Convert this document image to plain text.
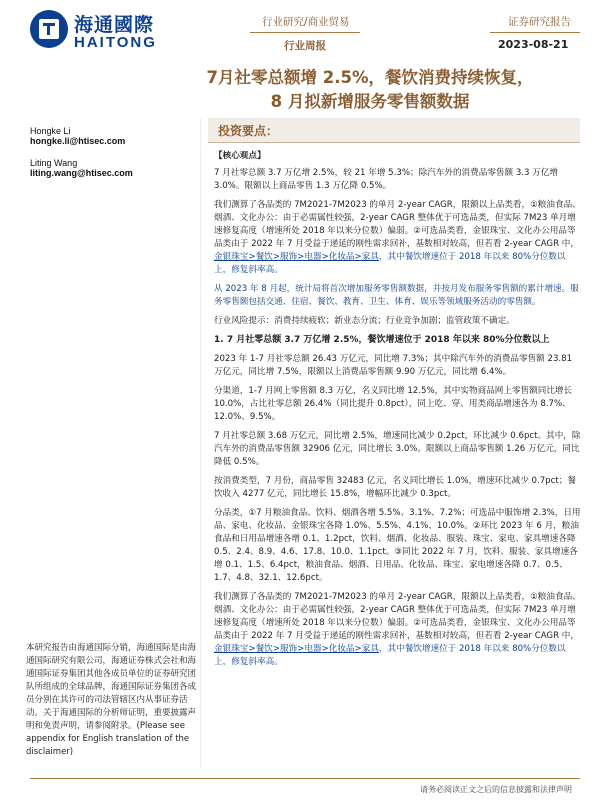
海通國際
HAITONG
行业研究/商业贸易
行业周报
证券研究报告
2023-08-21
7月社零总额增 2.5%，餐饮消费持续恢复，
8 月拟新增服务零售额数据
Hongke Li
hongke.li@htisec.com
Liting Wang
liting.wang@htisec.com
投资要点：

【核心观点】

7 月社零总额 3.7 万亿增 2.5%，较 21 年增 5.3%；除汽车外的消费品零售额 3.3 万亿增 3.0%。限额以上商品零售 1.3 万亿降 0.5%。

我们测算了各品类的 7M2021-7M2023 的单月 2-year CAGR，限额以上品类看，①粮油食品、烟酒、文化办公：由于必需属性较强，2-year CAGR 整体优于可选品类，但实际 7M23 单月增速修复高度（增速所处 2018 年以来分位数）偏弱。②可选品类看，金银珠宝、文化办公用品等品类由于 2022 年 7 月受益于递延的刚性需求回补，基数相对较高，但若看 2-year CAGR 中，金银珠宝>餐饮>服饰>电器>化妆品>家具，其中餐饮增速位于 2018 年以来 80%分位数以上，修复斜率高。

从 2023 年 8 月起，统计局将首次增加服务零售额数据，并按月发布服务零售额的累计增速。服务零售额包括交通、住宿、餐饮、教育、卫生、体育、娱乐等领域服务活动的零售额。

行业风险提示：消费持续疲软；新业态分流；行业竞争加剧；监管政策不确定。

1. 7 月社零总额 3.7 万亿增 2.5%，餐饮增速位于 2018 年以来 80%分位数以上

2023 年 1-7 月社零总额 26.43 万亿元，同比增 7.3%；其中除汽车外的消费品零售额 23.81 万亿元，同比增 7.5%，限额以上消费品零售额 9.90 万亿元，同比增 6.4%。

分渠道，1-7 月网上零售额 8.3 万亿，名义同比增 12.5%，其中实物商品网上零售额同比增长 10.0%，占比社零总额 26.4%（同比提升 0.8pct），同上吃、穿、用类商品增速各为 8.7%、12.0%、9.5%。

7 月社零总额 3.68 万亿元，同比增 2.5%，增速同比减少 0.2pct，环比减少 0.6pct。其中，除汽车外的消费品零售额 32906 亿元，同比增长 3.0%。限额以上商品零售额 1.26 万亿元，同比降低 0.5%。

按消费类型，7 月份，商品零售 32483 亿元，名义同比增长 1.0%，增速环比减少 0.7pct；餐饮收入 4277 亿元，同比增长 15.8%，增幅环比减少 0.3pct。

分品类，①7 月粮油食品、饮料、烟酒各增 5.5%、3.1%、7.2%；可选品中服饰增 2.3%，日用品、家电、化妆品、金银珠宝各降 1.0%、5.5%、4.1%、10.0%。②环比 2023 年 6 月，粮油食品和日用品增速各增 0.1、1.2pct，饮料、烟酒、化妆品、服装、珠宝、家电、家具增速各降 0.5、2.4、8.9、4.6、17.8、10.0、1.1pct。③同比 2022 年 7 月，饮料、服装、家具增速各增 0.1、1.5、6.4pct，粮油食品、烟酒、日用品、化妆品、珠宝、家电增速各降 0.7、0.5、1.7、4.8、32.1、12.6pct。

我们测算了各品类的 7M2021-7M2023 的单月 2-year CAGR，限额以上品类看，①粮油食品、烟酒、文化办公：由于必需属性较强，2-year CAGR 整体优于可选品类，但实际 7M23 单月增速修复高度（增速所处 2018 年以来分位数）偏弱。②可选品类看，金银珠宝、文化办公用品等品类由于 2022 年 7 月受益于递延的刚性需求回补，基数相对较高，但若看 2-year CAGR 中，金银珠宝>餐饮>服饰>电器>化妆品>家具，其中餐饮增速位于 2018 年以来 80%分位数以上，修复斜率高。

本研究报告由海通国际分销，海通国际是由海通国际研究有限公司，海通证券株式会社和海通国际证券集团其他各成员单位的证券研究团队所组成的全球品牌，海通国际证券集团各成员分别在其许可的司法管辖区内从事证券活动。关于海通国际的分析师证明，重要披露声明和免责声明，请参阅附录。(Please see appendix for English translation of the disclaimer)
请务必阅读正文之后的信息披露和法律声明
